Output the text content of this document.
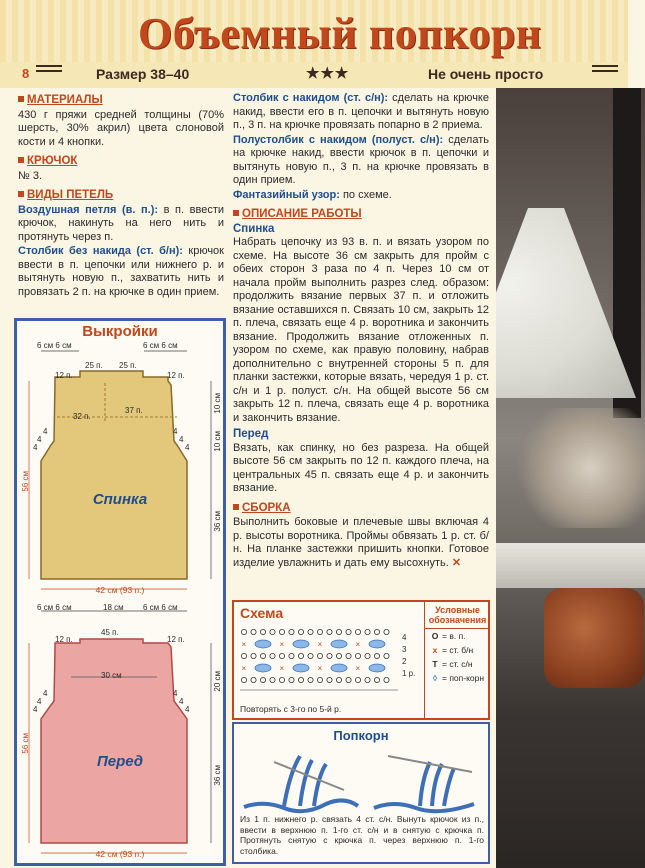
Объемный попкорн
8	Размер 38–40	★★★	Не очень просто
МАТЕРИАЛЫ

430 г пряжи средней толщины (70% шерсть, 30% акрил) цвета слоновой кости и 4 кнопки.

КРЮЧОК

№ 3.

ВИДЫ ПЕТЕЛЬ

Воздушная петля (в. п.): в п. ввести крючок, накинуть на него нить и протянуть через п.

Столбик без накида (ст. б/н): крючок ввести в п. цепочки или нижнего р. и вытянуть новую п., захватить нить и провязать 2 п. на крючке в один прием.

Столбик с накидом (ст. с/н): сделать на крючке накид, ввести его в п. цепочки и вытянуть новую п., 3 п. на крючке провязать попарно в 2 приема.

Полустолбик с накидом (полуст. с/н): сделать на крючке накид, ввести крючок в п. цепочки и вытянуть новую п., 3 п. на крючке провязать в один прием.

Фантазийный узор: по схеме.

ОПИСАНИЕ РАБОТЫ
Спинка

Набрать цепочку из 93 в. п. и вязать узором по схеме. На высоте 36 см закрыть для пройм с обеих сторон 3 раза по 4 п. Через 10 см от начала пройм выполнить разрез след. образом: продолжить вязание первых 37 п. и отложить вязание оставшихся п. Связать 10 см, закрыть 12 п. плеча, связать еще 4 р. воротника и закончить вязание. Продолжить вязание отложенных п. узором по схеме, как правую половину, набрав дополнительно с внутренней стороны 5 п. для планки застежки, которые вязать, чередуя 1 р. ст. с/н и 1 р. полуст. с/н. На общей высоте 56 см закрыть 12 п. плеча, связать еще 4 р. воротника и закончить вязание.

Перед

Вязать, как спинку, но без разреза. На общей высоте 56 см закрыть по 12 п. каждого плеча, на центральных 45 п. связать еще 4 р. и закончить вязание.

СБОРКА

Выполнить боковые и плечевые швы включая 4 р. высоты воротника. Проймы обвязать 1 р. ст. б/н. На планке застежки пришить кнопки. Готовое изделие увлажнить и дать ему высохнуть. ✕

Выкройки
6 см 6 см	6 см 6 см
12 п.
25 п. 25 п.
12 п.
32 п.
37 п.	10 см
10 см
36 см
56 см
4
4
4
4
4
4
Спинка
42 см (93 п.)
6 см 6 см	18 см 6 см 6 см
45 п.
12 п.	12 п.
30 см	20 см
36 см
56 см
4
4
4
4
4
4
Перед
42 см (93 п.)
Схема
×	×	×	×
×	×	×	×
4
3
2
1 р.
Повторять с 3-го по 5-й р.
Условные обозначения
O = в. п.
x = ст. б/н
T = ст. с/н
◊ = поп-корн
Попкорн
Из 1 п. нижнего р. связать 4 ст. с/н. Вынуть крючок из п., ввести в верхнюю п. 1-го ст. с/н и в снятую с крючка п. Протянуть снятую с крючка п. через верхнюю п. 1-го столбика.
